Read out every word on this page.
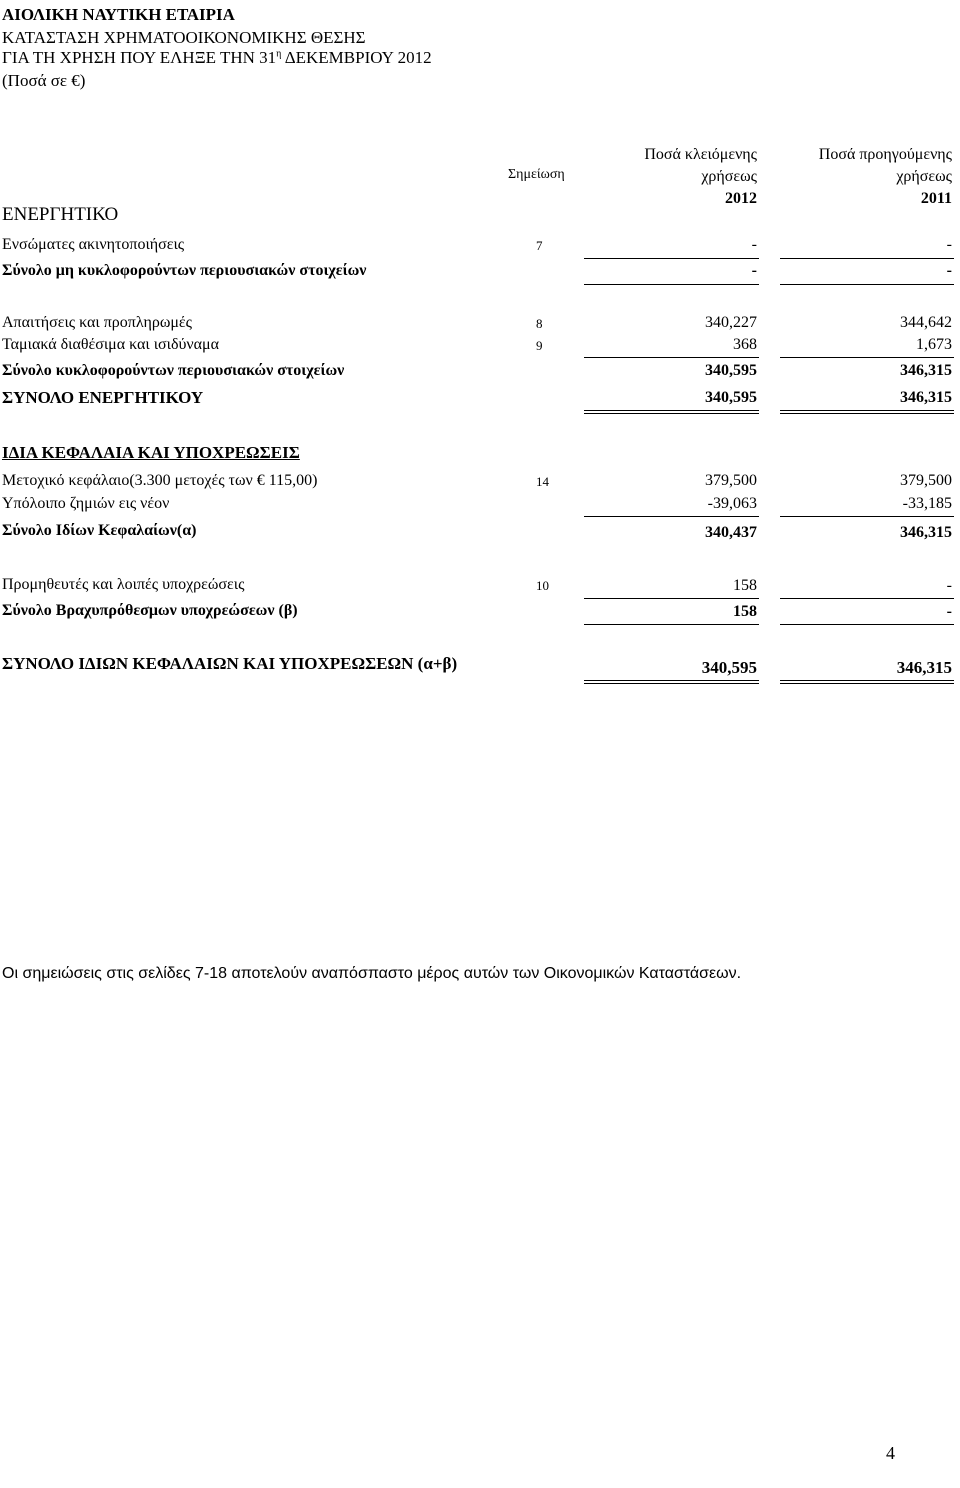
ΑΙΟΛΙΚΗ ΝΑΥΤΙΚΗ ΕΤΑΙΡΙΑ
ΚΑΤΑΣΤΑΣΗ ΧΡΗΜΑΤΟΟΙΚΟΝΟΜΙΚΗΣ ΘΕΣΗΣ
ΓΙΑ ΤΗ ΧΡΗΣΗ ΠΟΥ ΕΛΗΞΕ ΤΗΝ $31^\eta$ ΔΕΚΕΜΒΡΙΟΥ 2012
(Ποσά σε €)
Σημείωση
Ποσά κλειόμενης
χρήσεως
2012
Ποσά προηγούμενης
χρήσεως
2011
ΕΝΕΡΓΗΤΙΚΟ
Ενσώματες ακινητοποιήσεις	7	-	-
Σύνολο μη κυκλοφορούντων περιουσιακών στοιχείων	-	-
Απαιτήσεις και προπληρωμές	8	340,227	344,642
Ταμιακά διαθέσιμα και ισιδύναμα	9	368	1,673
Σύνολο κυκλοφορούντων περιουσιακών στοιχείων	340,595	346,315
ΣΥΝΟΛΟ ΕΝΕΡΓΗΤΙΚΟΥ	340,595	346,315
ΙΔΙΑ ΚΕΦΑΛΑΙΑ ΚΑΙ ΥΠΟΧΡΕΩΣΕΙΣ
Μετοχικό κεφάλαιο(3.300 μετοχές των € 115,00)	14	379,500	379,500
Υπόλοιπο ζημιών εις νέον	-39,063	-33,185
Σύνολο Ιδίων Κεφαλαίων(α)	340,437	346,315
Προμηθευτές και λοιπές υποχρεώσεις	10	158	-
Σύνολο Βραχυπρόθεσμων υποχρεώσεων (β)	158	-
ΣΥΝΟΛΟ ΙΔΙΩΝ ΚΕΦΑΛΑΙΩΝ ΚΑΙ ΥΠΟΧΡΕΩΣΕΩΝ (α+β)	340,595	346,315
Οι σημειώσεις στις σελίδες 7-18 αποτελούν αναπόσπαστο μέρος αυτών των Οικονομικών Καταστάσεων.
4
